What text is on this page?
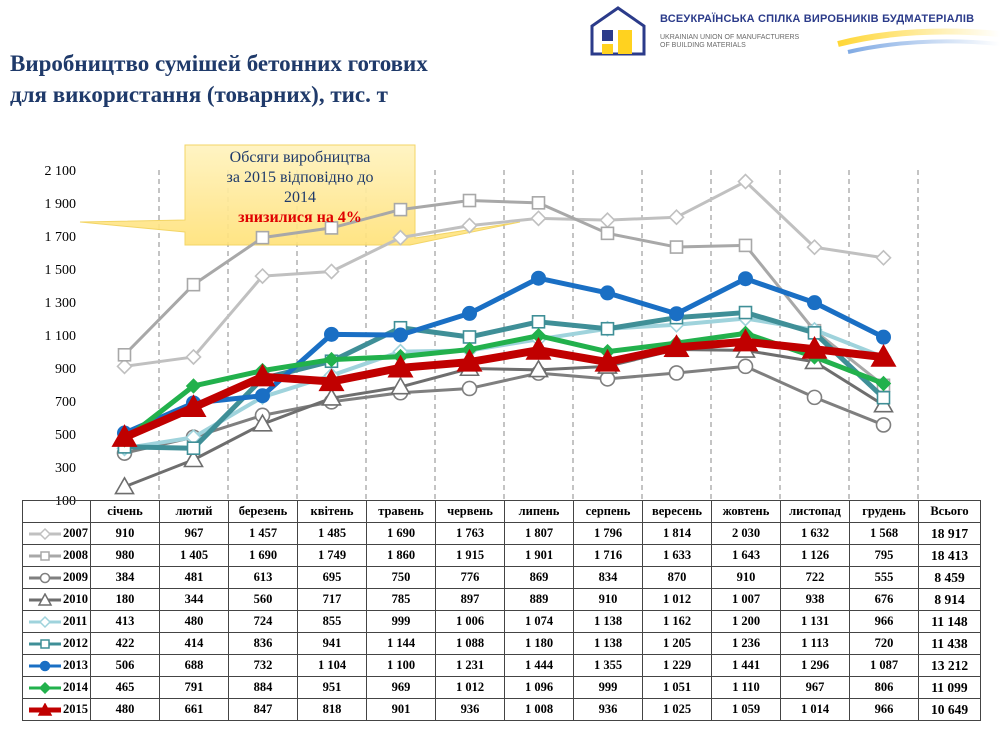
Виробництво сумішей бетонних готових
для використання (товарних), тис. т
ВСЕУКРАЇНСЬКА СПІЛКА ВИРОБНИКІВ БУДМАТЕРІАЛІВ
UKRAINIAN UNION OF MANUFACTURERS
OF BUILDING MATERIALS
100
300
500
700
900
1 100
1 300
1 500
1 700
1 900
2 100
Обсяги виробництва
за 2015 відповідно до
2014
знизилися на 4%
	січень	лютий	березень	квітень	травень	червень	липень	серпень	вересень	жовтень	листопад	грудень	Всього
2007	910	967	1 457	1 485	1 690	1 763	1 807	1 796	1 814	2 030	1 632	1 568	18 917
2008	980	1 405	1 690	1 749	1 860	1 915	1 901	1 716	1 633	1 643	1 126	795	18 413
2009	384	481	613	695	750	776	869	834	870	910	722	555	8 459
2010	180	344	560	717	785	897	889	910	1 012	1 007	938	676	8 914
2011	413	480	724	855	999	1 006	1 074	1 138	1 162	1 200	1 131	966	11 148
2012	422	414	836	941	1 144	1 088	1 180	1 138	1 205	1 236	1 113	720	11 438
2013	506	688	732	1 104	1 100	1 231	1 444	1 355	1 229	1 441	1 296	1 087	13 212
2014	465	791	884	951	969	1 012	1 096	999	1 051	1 110	967	806	11 099
2015	480	661	847	818	901	936	1 008	936	1 025	1 059	1 014	966	10 649
